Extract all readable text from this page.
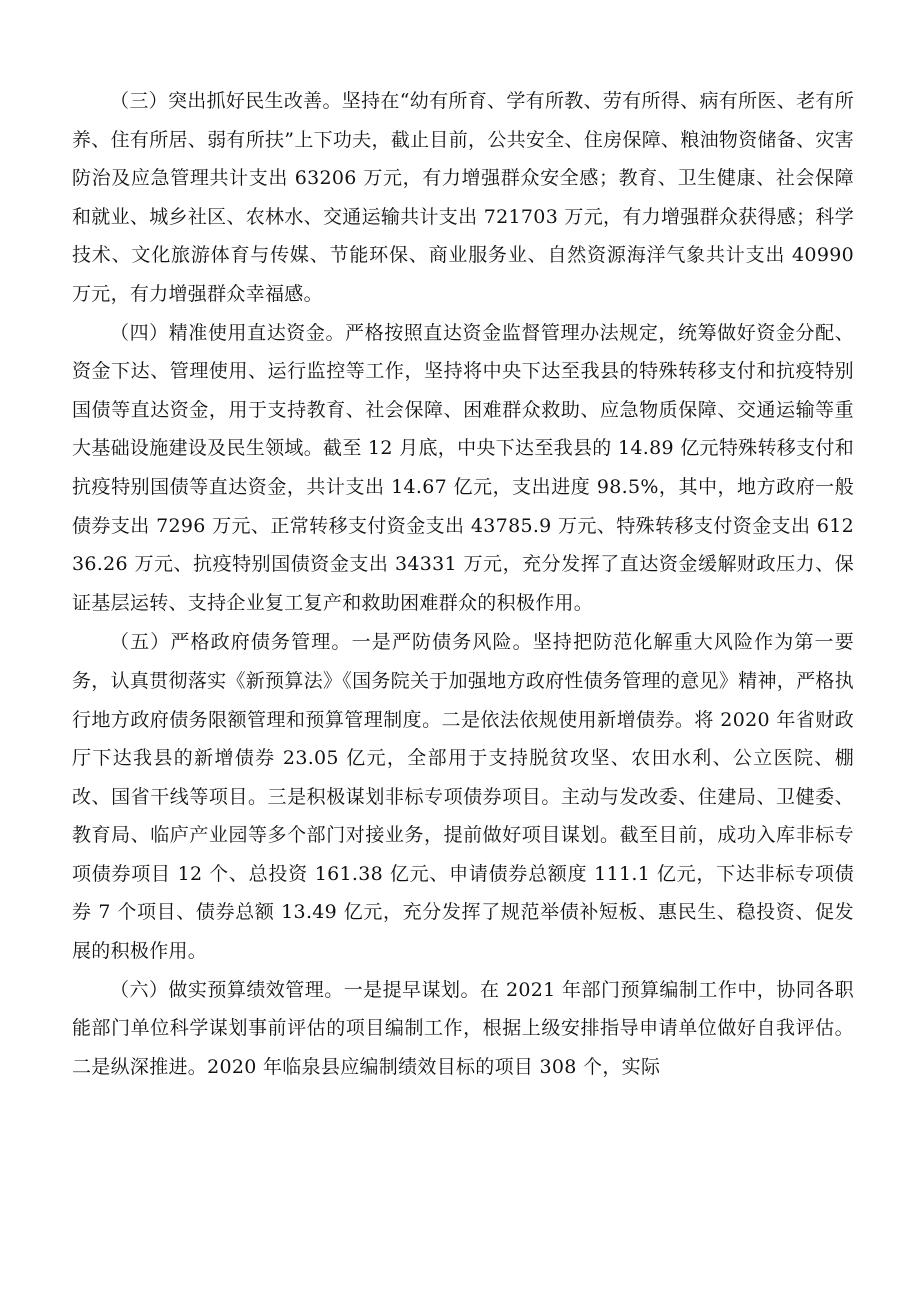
（三）突出抓好民生改善。坚持在“幼有所育、学有所教、劳有所得、病有所医、老有所养、住有所居、弱有所扶”上下功夫，截止目前，公共安全、住房保障、粮油物资储备、灾害防治及应急管理共计支出 63206 万元，有力增强群众安全感；教育、卫生健康、社会保障和就业、城乡社区、农林水、交通运输共计支出 721703 万元，有力增强群众获得感；科学技术、文化旅游体育与传媒、节能环保、商业服务业、自然资源海洋气象共计支出 40990 万元，有力增强群众幸福感。

（四）精准使用直达资金。严格按照直达资金监督管理办法规定，统筹做好资金分配、资金下达、管理使用、运行监控等工作，坚持将中央下达至我县的特殊转移支付和抗疫特别国债等直达资金，用于支持教育、社会保障、困难群众救助、应急物质保障、交通运输等重大基础设施建设及民生领域。截至 12 月底，中央下达至我县的 14.89 亿元特殊转移支付和抗疫特别国债等直达资金，共计支出 14.67 亿元，支出进度 98.5%，其中，地方政府一般债券支出 7296 万元、正常转移支付资金支出 43785.9 万元、特殊转移支付资金支出 61236.26 万元、抗疫特别国债资金支出 34331 万元，充分发挥了直达资金缓解财政压力、保证基层运转、支持企业复工复产和救助困难群众的积极作用。

（五）严格政府债务管理。一是严防债务风险。坚持把防范化解重大风险作为第一要务，认真贯彻落实《新预算法》《国务院关于加强地方政府性债务管理的意见》精神，严格执行地方政府债务限额管理和预算管理制度。二是依法依规使用新增债券。将 2020 年省财政厅下达我县的新增债券 23.05 亿元，全部用于支持脱贫攻坚、农田水利、公立医院、棚改、国省干线等项目。三是积极谋划非标专项债券项目。主动与发改委、住建局、卫健委、教育局、临庐产业园等多个部门对接业务，提前做好项目谋划。截至目前，成功入库非标专项债券项目 12 个、总投资 161.38 亿元、申请债券总额度 111.1 亿元，下达非标专项债券 7 个项目、债券总额 13.49 亿元，充分发挥了规范举债补短板、惠民生、稳投资、促发展的积极作用。

（六）做实预算绩效管理。一是提早谋划。在 2021 年部门预算编制工作中，协同各职能部门单位科学谋划事前评估的项目编制工作，根据上级安排指导申请单位做好自我评估。二是纵深推进。2020 年临泉县应编制绩效目标的项目 308 个，实际
